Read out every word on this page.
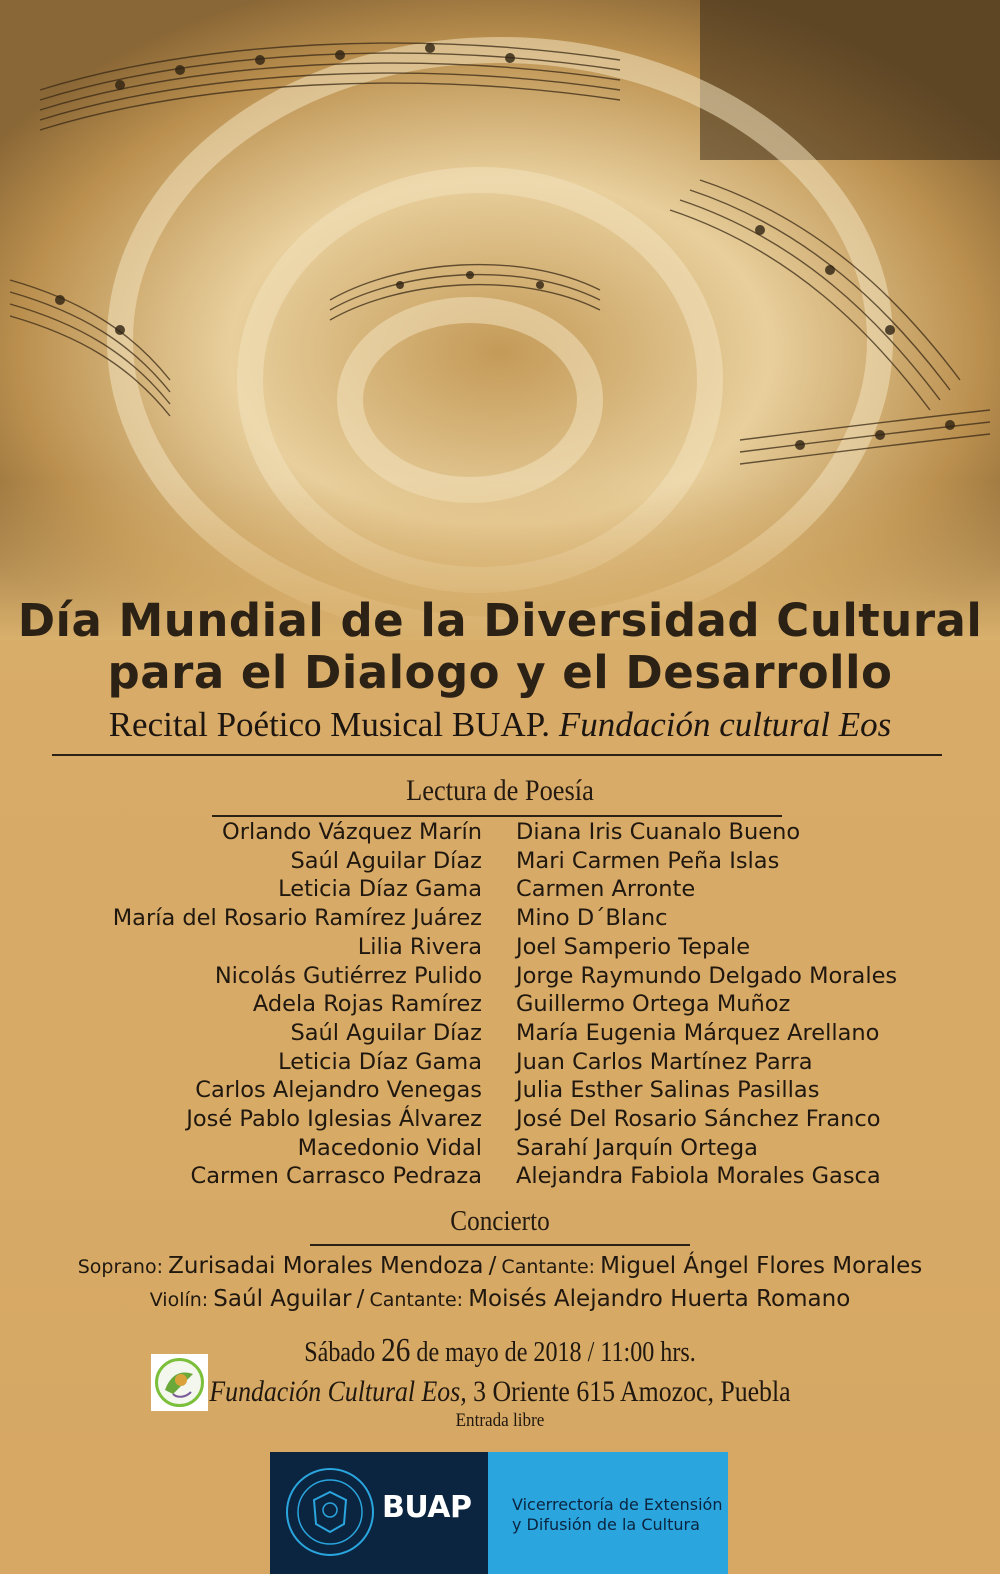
Día Mundial de la Diversidad Cultural
para el Dialogo y el Desarrollo
Recital Poético Musical BUAP. Fundación cultural Eos
Lectura de Poesía
Orlando Vázquez Marín
Saúl Aguilar Díaz
Leticia Díaz Gama
María del Rosario Ramírez Juárez
Lilia Rivera
Nicolás Gutiérrez Pulido
Adela Rojas Ramírez
Saúl Aguilar Díaz
Leticia Díaz Gama
Carlos Alejandro Venegas
José Pablo Iglesias Álvarez
Macedonio Vidal
Carmen Carrasco Pedraza
Diana Iris Cuanalo Bueno
Mari Carmen Peña Islas
Carmen Arronte
Mino D´Blanc
Joel Samperio Tepale
Jorge Raymundo Delgado Morales
Guillermo Ortega Muñoz
María Eugenia Márquez Arellano
Juan Carlos Martínez Parra
Julia Esther Salinas Pasillas
José Del Rosario Sánchez Franco
Sarahí Jarquín Ortega
Alejandra Fabiola Morales Gasca
Concierto
Soprano: Zurisadai Morales Mendoza / Cantante: Miguel Ángel Flores Morales
Violín: Saúl Aguilar / Cantante: Moisés Alejandro Huerta Romano
Sábado 26 de mayo de 2018 / 11:00 hrs.
Fundación Cultural Eos, 3 Oriente 615 Amozoc, Puebla
Entrada libre
BUAP	Vicerrectoría de Extensión
y Difusión de la Cultura
